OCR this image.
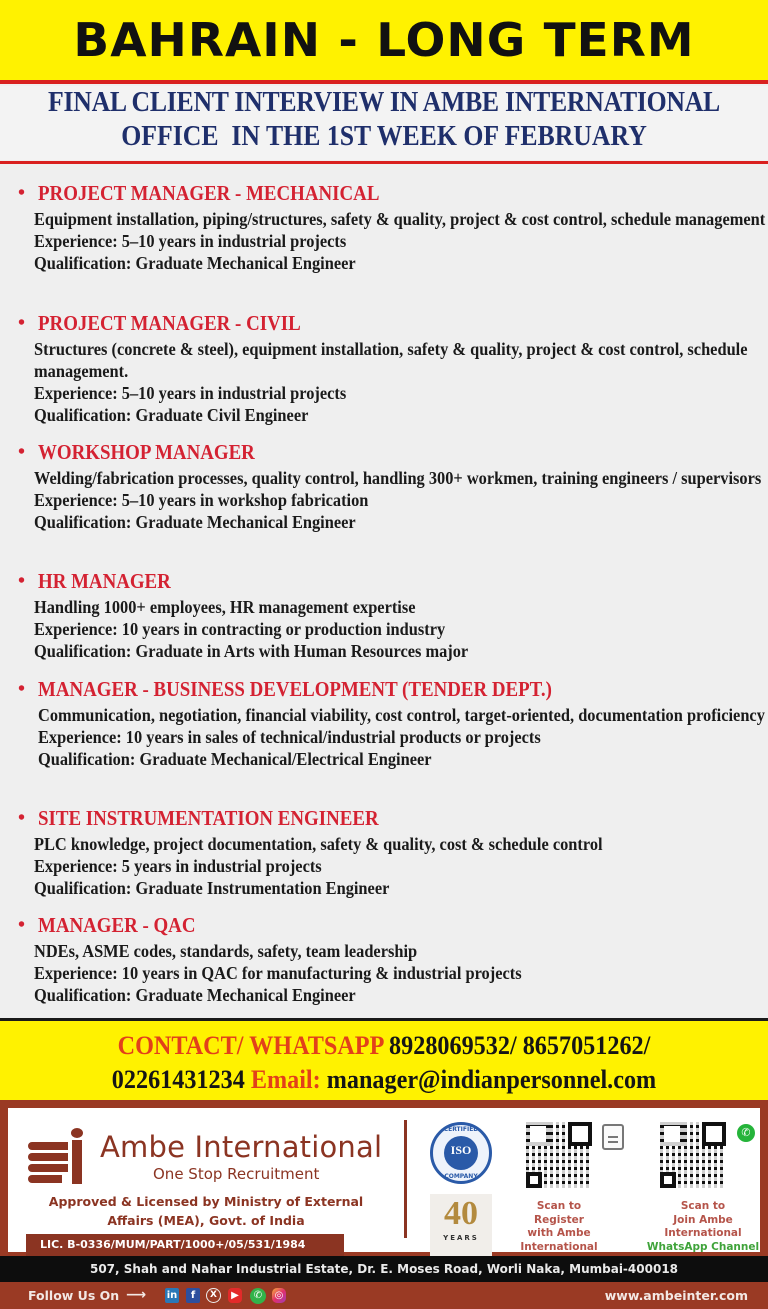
BAHRAIN - LONG TERM
FINAL CLIENT INTERVIEW IN AMBE INTERNATIONAL
OFFICE  IN THE 1ST WEEK OF FEBRUARY
• PROJECT MANAGER - MECHANICAL

Equipment installation, piping/structures, safety & quality, project & cost control, schedule management

Experience: 5–10 years in industrial projects

Qualification: Graduate Mechanical Engineer

• PROJECT MANAGER - CIVIL

Structures (concrete & steel), equipment installation, safety & quality, project & cost control, schedule management.

Experience: 5–10 years in industrial projects

Qualification: Graduate Civil Engineer

• WORKSHOP MANAGER

Welding/fabrication processes, quality control, handling 300+ workmen, training engineers / supervisors

Experience: 5–10 years in workshop fabrication

Qualification: Graduate Mechanical Engineer

• HR MANAGER

Handling 1000+ employees, HR management expertise

Experience: 10 years in contracting or production industry

Qualification: Graduate in Arts with Human Resources major

• MANAGER - BUSINESS DEVELOPMENT (TENDER DEPT.)

Communication, negotiation, financial viability, cost control, target-oriented, documentation proficiency

Experience: 10 years in sales of technical/industrial products or projects

Qualification: Graduate Mechanical/Electrical Engineer

• SITE INSTRUMENTATION ENGINEER

PLC knowledge, project documentation, safety & quality, cost & schedule control

Experience: 5 years in industrial projects

Qualification: Graduate Instrumentation Engineer

• MANAGER - QAC

NDEs, ASME codes, standards, safety, team leadership

Experience: 10 years in QAC for manufacturing & industrial projects

Qualification: Graduate Mechanical Engineer

CONTACT/ WHATSAPP 8928069532/ 8657051262/
02261431234 Email: manager@indianpersonnel.com
Ambe International
One Stop Recruitment
Approved & Licensed by Ministry of External
Affairs (MEA), Govt. of India
LIC. B-0336/MUM/PART/1000+/05/531/1984
CERTIFIED
ISO
COMPANY
40
YEARS
Scan to
Register
with Ambe
International
✆
Scan to
Join Ambe
International
WhatsApp Channel
507, Shah and Nahar Industrial Estate, Dr. E. Moses Road, Worli Naka, Mumbai-400018
Follow Us On ⟶ in	f	X	▶	✆	◎	www.ambeinter.com
